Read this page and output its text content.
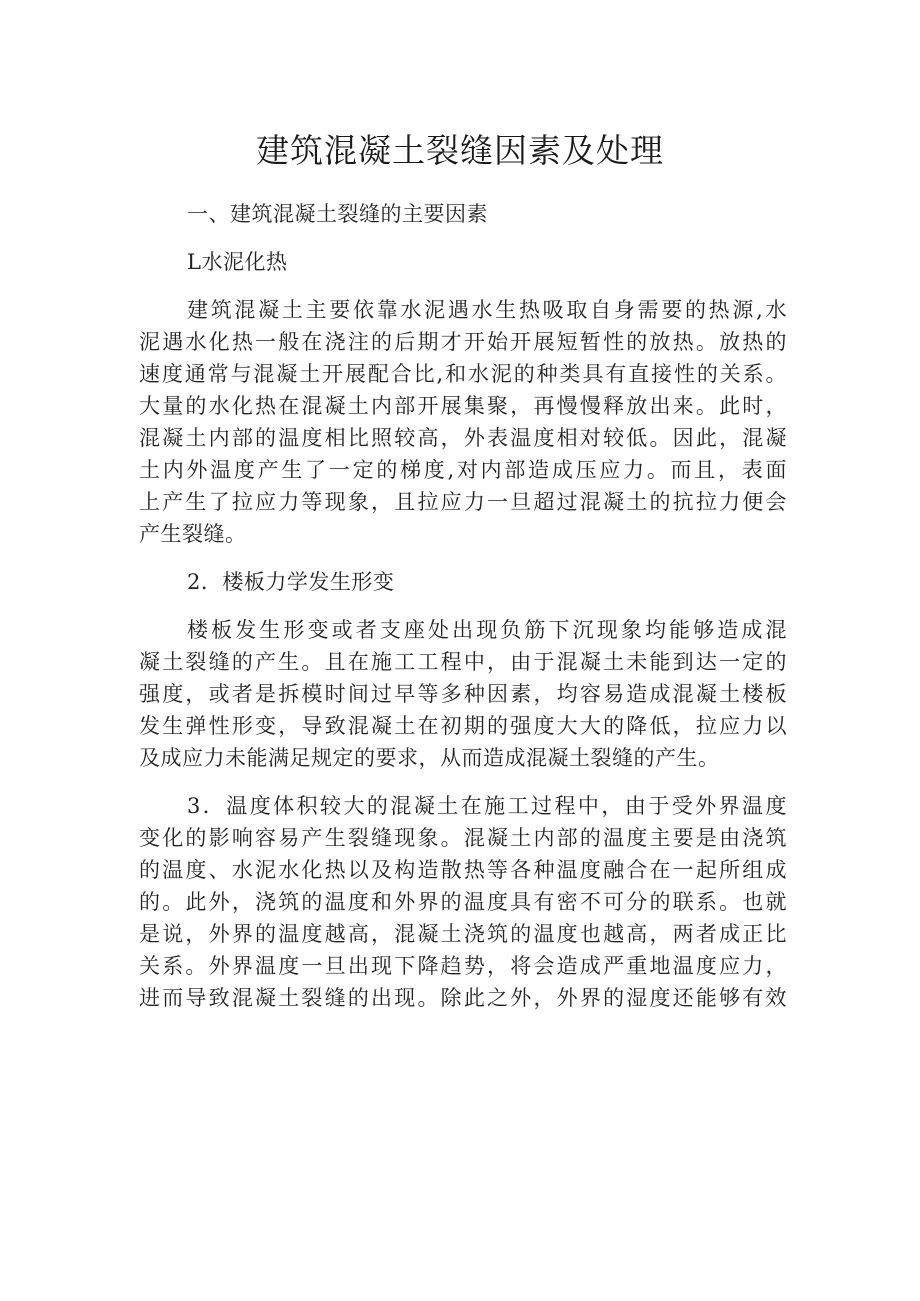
建筑混凝土裂缝因素及处理
一、建筑混凝土裂缝的主要因素
L水泥化热
建筑混凝土主要依靠水泥遇水生热吸取自身需要的热源,水
泥遇水化热一般在浇注的后期才开始开展短暂性的放热。放热的
速度通常与混凝土开展配合比,和水泥的种类具有直接性的关系。
大量的水化热在混凝土内部开展集聚，再慢慢释放出来。此时，
混凝土内部的温度相比照较高，外表温度相对较低。因此，混凝
土内外温度产生了一定的梯度,对内部造成压应力。而且，表面
上产生了拉应力等现象，且拉应力一旦超过混凝土的抗拉力便会
产生裂缝。
2．楼板力学发生形变
楼板发生形变或者支座处出现负筋下沉现象均能够造成混
凝土裂缝的产生。且在施工工程中，由于混凝土未能到达一定的
强度，或者是拆模时间过早等多种因素，均容易造成混凝土楼板
发生弹性形变，导致混凝土在初期的强度大大的降低，拉应力以
及成应力未能满足规定的要求，从而造成混凝土裂缝的产生。
3．温度体积较大的混凝土在施工过程中，由于受外界温度
变化的影响容易产生裂缝现象。混凝土内部的温度主要是由浇筑
的温度、水泥水化热以及构造散热等各种温度融合在一起所组成
的。此外，浇筑的温度和外界的温度具有密不可分的联系。也就
是说，外界的温度越高，混凝土浇筑的温度也越高，两者成正比
关系。外界温度一旦出现下降趋势，将会造成严重地温度应力，
进而导致混凝土裂缝的出现。除此之外，外界的湿度还能够有效
